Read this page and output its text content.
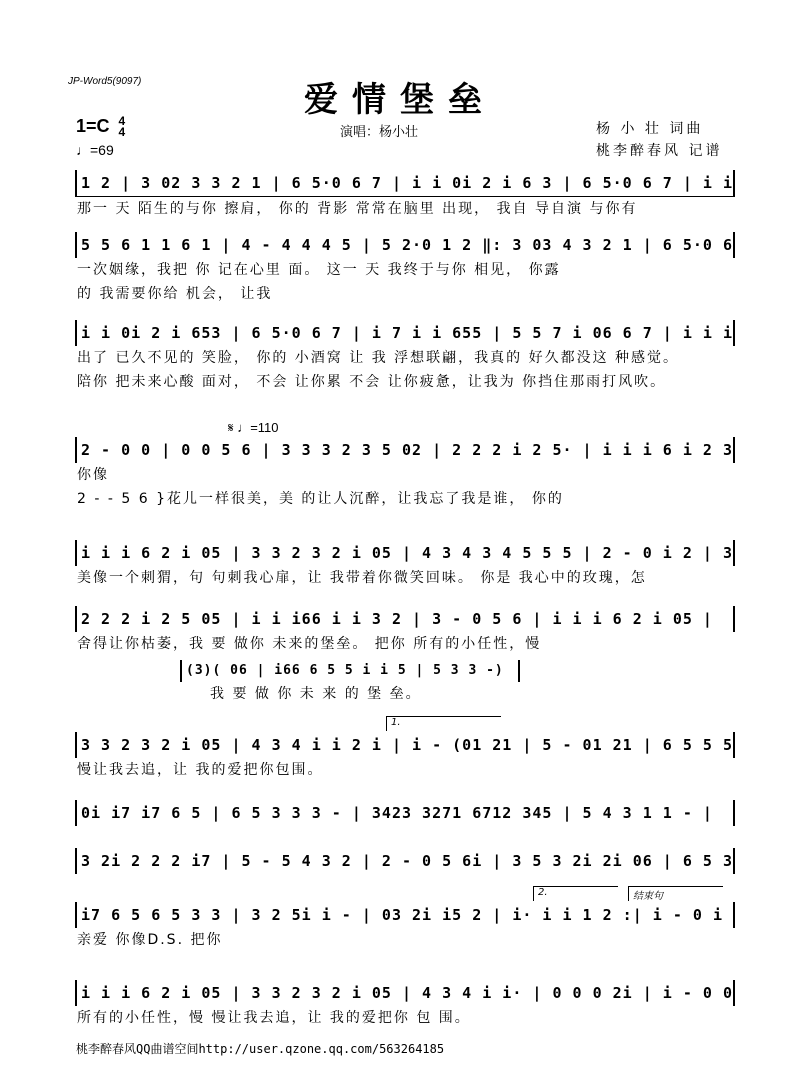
JP-Word5(9097)	爱情堡垒
1=C 4
4
♩=69
演唱：杨小壮	杨 小 壮 词曲
桃李醉春风 记谱
1 2 | 3 02 3 3 2 1 | 6 5·0 6 7 | i i 0i 2 i 6 3 | 6 5·0 6 7 | i i
那一 天 陌生的与你 擦肩， 你的 背影 常常在脑里 出现， 我自 导自演 与你有
5 5 6 1 1 6 1 | 4 - 4 4 4 5 | 5 2·0 1 2 ‖: 3 03 4 3 2 1 | 6 5·0 6
一次姻缘，我把 你 记在心里 面。 这一 天 我终于与你 相见， 你露
的 我需要你给 机会， 让我
i i 0i 2 i 653 | 6 5·0 6 7 | i 7 i i 655 | 5 5 7 i 06 6 7 | i i i
出了 已久不见的 笑脸， 你的 小酒窝 让 我 浮想联翩，我真的 好久都没这 种感觉。
陪你 把未来心酸 面对， 不会 让你累 不会 让你疲惫，让我为 你挡住那雨打风吹。
𝄋 ♩=110
2 - 0 0 | 0 0 5 6 | 3 3 3 2 3 5 02 | 2 2 2 i 2 5· | i i i 6 i 2 3
你像
2 - - 5 6 }花儿一样很美，美 的让人沉醉，让我忘了我是谁， 你的
i i i 6 2 i 05 | 3 3 2 3 2 i 05 | 4 3 4 3 4 5 5 5 | 2 - 0 i 2 | 3
美像一个刺猬，句 句刺我心扉，让 我带着你微笑回味。 你是 我心中的玫瑰，怎
2 2 2 i 2 5 05 | i i i66 i i 3 2 | 3 - 0 5 6 | i i i 6 2 i 05 |
舍得让你枯萎，我 要 做你 未来的堡垒。 把你 所有的小任性，慢
(3)( 06 | i66 6 5 5 i i 5 | 5 3 3 -)
我 要 做 你 未 来 的 堡 垒。
1.
3 3 2 3 2 i 05 | 4 3 4 i i 2 i | i - (01 21 | 5 - 01 21 | 6 5 5 5
慢让我去追，让 我的爱把你包围。
0i i7 i7 6 5 | 6 5 3 3 3 - | 3423 3271 6712 345 | 5 4 3 1 1 - |
3 2i 2 2 2 i7 | 5 - 5 4 3 2 | 2 - 0 5 6i | 3 5 3 2i 2i 06 | 6 5 3
2.	结束句
i7 6 5 6 5 3 3 | 3 2 5i i - | 03 2i i5 2 | i· i i 1 2 :| i - 0 i
亲爱 你像D.S. 把你
i i i 6 2 i 05 | 3 3 2 3 2 i 05 | 4 3 4 i i· | 0 0 0 2i | i - 0 0
所有的小任性，慢 慢让我去追，让 我的爱把你 包 围。
桃李醉春风QQ曲谱空间http://user.qzone.qq.com/563264185
